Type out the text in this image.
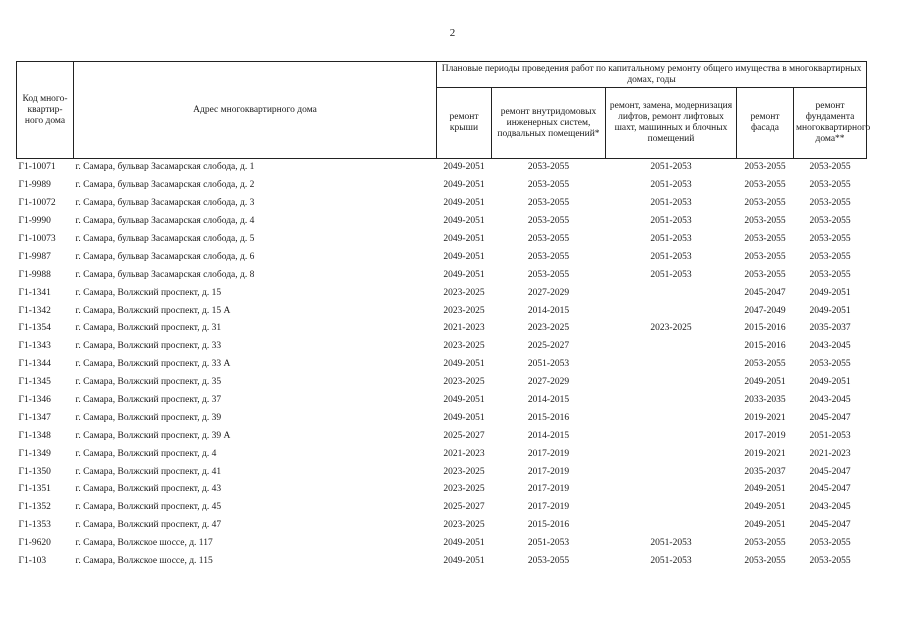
2
Код много-
квартир-
ного дома	Адрес многоквартирного дома	Плановые периоды проведения работ по капитальному ремонту общего имущества в многоквартирных домах, годы				
		ремонт крыши	ремонт внутридомовых инженерных систем, подвальных помещений*	ремонт, замена, модернизация лифтов, ремонт лифтовых шахт, машинных и блочных помещений	ремонт фасада	ремонт фундамента многоквартирного дома**
Г1-10071	г. Самара, бульвар Засамарская слобода, д. 1	2049-2051	2053-2055	2051-2053	2053-2055	2053-2055
Г1-9989	г. Самара, бульвар Засамарская слобода, д. 2	2049-2051	2053-2055	2051-2053	2053-2055	2053-2055
Г1-10072	г. Самара, бульвар Засамарская слобода, д. 3	2049-2051	2053-2055	2051-2053	2053-2055	2053-2055
Г1-9990	г. Самара, бульвар Засамарская слобода, д. 4	2049-2051	2053-2055	2051-2053	2053-2055	2053-2055
Г1-10073	г. Самара, бульвар Засамарская слобода, д. 5	2049-2051	2053-2055	2051-2053	2053-2055	2053-2055
Г1-9987	г. Самара, бульвар Засамарская слобода, д. 6	2049-2051	2053-2055	2051-2053	2053-2055	2053-2055
Г1-9988	г. Самара, бульвар Засамарская слобода, д. 8	2049-2051	2053-2055	2051-2053	2053-2055	2053-2055
Г1-1341	г. Самара, Волжский проспект, д. 15	2023-2025	2027-2029		2045-2047	2049-2051
Г1-1342	г. Самара, Волжский проспект, д. 15 А	2023-2025	2014-2015		2047-2049	2049-2051
Г1-1354	г. Самара, Волжский проспект, д. 31	2021-2023	2023-2025	2023-2025	2015-2016	2035-2037
Г1-1343	г. Самара, Волжский проспект, д. 33	2023-2025	2025-2027		2015-2016	2043-2045
Г1-1344	г. Самара, Волжский проспект, д. 33 А	2049-2051	2051-2053		2053-2055	2053-2055
Г1-1345	г. Самара, Волжский проспект, д. 35	2023-2025	2027-2029		2049-2051	2049-2051
Г1-1346	г. Самара, Волжский проспект, д. 37	2049-2051	2014-2015		2033-2035	2043-2045
Г1-1347	г. Самара, Волжский проспект, д. 39	2049-2051	2015-2016		2019-2021	2045-2047
Г1-1348	г. Самара, Волжский проспект, д. 39 А	2025-2027	2014-2015		2017-2019	2051-2053
Г1-1349	г. Самара, Волжский проспект, д. 4	2021-2023	2017-2019		2019-2021	2021-2023
Г1-1350	г. Самара, Волжский проспект, д. 41	2023-2025	2017-2019		2035-2037	2045-2047
Г1-1351	г. Самара, Волжский проспект, д. 43	2023-2025	2017-2019		2049-2051	2045-2047
Г1-1352	г. Самара, Волжский проспект, д. 45	2025-2027	2017-2019		2049-2051	2043-2045
Г1-1353	г. Самара, Волжский проспект, д. 47	2023-2025	2015-2016		2049-2051	2045-2047
Г1-9620	г. Самара, Волжское шоссе, д. 117	2049-2051	2051-2053	2051-2053	2053-2055	2053-2055
Г1-103	г. Самара, Волжское шоссе, д. 115	2049-2051	2053-2055	2051-2053	2053-2055	2053-2055
